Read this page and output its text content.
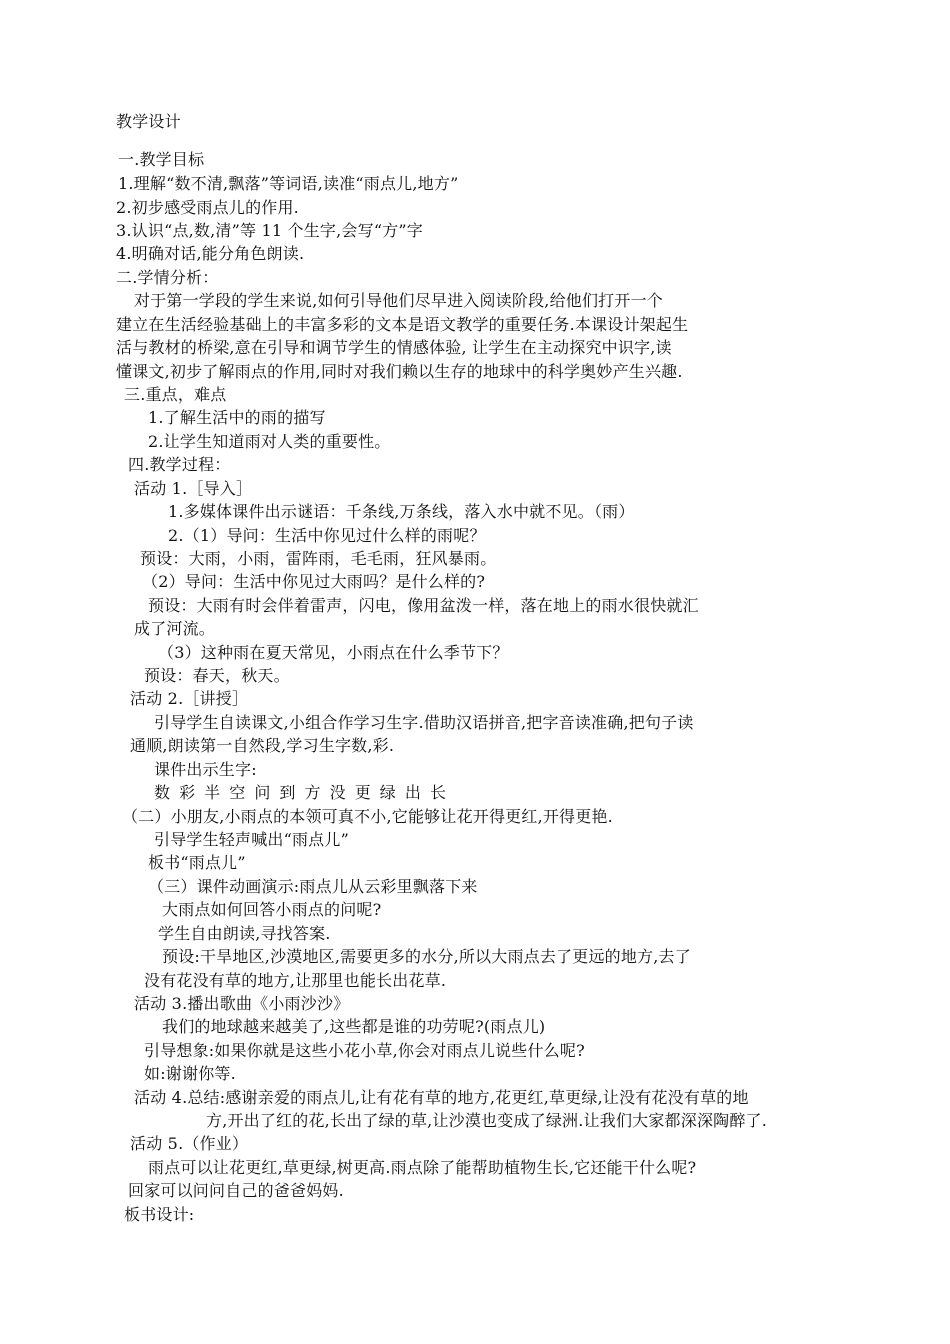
教学设计
一.教学目标
1.理解“数不清,飘落”等词语,读准“雨点儿,地方”
2.初步感受雨点儿的作用.
3.认识“点,数,清”等 11 个生字,会写“方”字
4.明确对话,能分角色朗读.
二.学情分析：
对于第一学段的学生来说,如何引导他们尽早进入阅读阶段,给他们打开一个
建立在生活经验基础上的丰富多彩的文本是语文教学的重要任务.本课设计架起生
活与教材的桥梁,意在引导和调节学生的情感体验, 让学生在主动探究中识字,读
懂课文,初步了解雨点的作用,同时对我们赖以生存的地球中的科学奥妙产生兴趣.
三.重点，难点
1.了解生活中的雨的描写
2.让学生知道雨对人类的重要性。
四.教学过程：
活动 1.［导入］
1.多媒体课件出示谜语：千条线,万条线，落入水中就不见。（雨）
2.（1）导问：生活中你见过什么样的雨呢？
预设：大雨，小雨，雷阵雨，毛毛雨，狂风暴雨。
（2）导问：生活中你见过大雨吗？是什么样的?
预设：大雨有时会伴着雷声，闪电，像用盆泼一样，落在地上的雨水很快就汇
成了河流。
（3）这种雨在夏天常见，小雨点在什么季节下？
预设：春天，秋天。
活动 2.［讲授］
引导学生自读课文,小组合作学习生字.借助汉语拼音,把字音读准确,把句子读
通顺,朗读第一自然段,学习生字数,彩.
课件出示生字:
数 彩 半 空 问 到 方 没 更 绿 出 长
（二）小朋友,小雨点的本领可真不小,它能够让花开得更红,开得更艳.
引导学生轻声喊出“雨点儿”
板书“雨点儿”
（三）课件动画演示:雨点儿从云彩里飘落下来
大雨点如何回答小雨点的问呢?
学生自由朗读,寻找答案.
预设:干旱地区,沙漠地区,需要更多的水分,所以大雨点去了更远的地方,去了
没有花没有草的地方,让那里也能长出花草.
活动 3.播出歌曲《小雨沙沙》
我们的地球越来越美了,这些都是谁的功劳呢?(雨点儿)
引导想象:如果你就是这些小花小草,你会对雨点儿说些什么呢?
如:谢谢你等.
活动 4.总结:感谢亲爱的雨点儿,让有花有草的地方,花更红,草更绿,让没有花没有草的地
方,开出了红的花,长出了绿的草,让沙漠也变成了绿洲.让我们大家都深深陶醉了.
活动 5.（作业）
雨点可以让花更红,草更绿,树更高.雨点除了能帮助植物生长,它还能干什么呢?
回家可以问问自己的爸爸妈妈.
板书设计:
